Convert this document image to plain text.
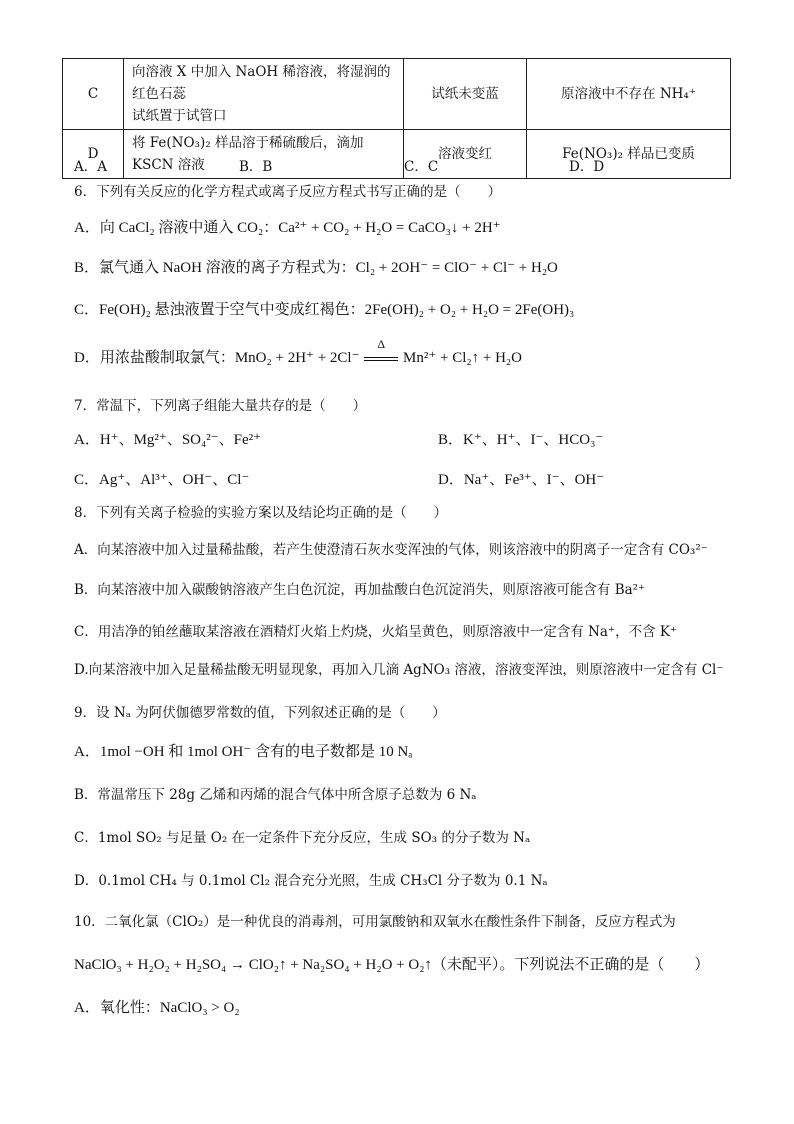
C	向溶液 X 中加入 NaOH 稀溶液，将湿润的红色石蕊
试纸置于试管口	试纸未变蓝	原溶液中不存在 NH₄⁺
D	将 Fe(NO₃)₂ 样品溶于稀硫酸后，滴加 KSCN 溶液	溶液变红	Fe(NO₃)₂ 样品已变质
A．A	B．B	C．C	D．D
6．下列有关反应的化学方程式或离子反应方程式书写正确的是（　　）
A．向 CaCl₂ 溶液中通入 CO₂：Ca²⁺ + CO₂ + H₂O = CaCO₃↓ + 2H⁺
B．氯气通入 NaOH 溶液的离子方程式为：Cl₂ + 2OH⁻ = ClO⁻ + Cl⁻ + H₂O
C．Fe(OH)₂ 悬浊液置于空气中变成红褐色：2Fe(OH)₂ + O₂ + H₂O = 2Fe(OH)₃
D．用浓盐酸制取氯气：MnO₂ + 2H⁺ + 2Cl⁻
Δ
Mn²⁺ + Cl₂↑ + H₂O
7．常温下，下列离子组能大量共存的是（　　）
A．H⁺、Mg²⁺、SO₄²⁻、Fe²⁺	B．K⁺、H⁺、I⁻、HCO₃⁻
C．Ag⁺、Al³⁺、OH⁻、Cl⁻	D．Na⁺、Fe³⁺、I⁻、OH⁻
8．下列有关离子检验的实验方案以及结论均正确的是（　　）
A．向某溶液中加入过量稀盐酸，若产生使澄清石灰水变浑浊的气体，则该溶液中的阴离子一定含有 CO₃²⁻
B．向某溶液中加入碳酸钠溶液产生白色沉淀，再加盐酸白色沉淀消失，则原溶液可能含有 Ba²⁺
C．用洁净的铂丝蘸取某溶液在酒精灯火焰上灼烧，火焰呈黄色，则原溶液中一定含有 Na⁺，不含 K⁺
D.向某溶液中加入足量稀盐酸无明显现象，再加入几滴 AgNO₃ 溶液，溶液变浑浊，则原溶液中一定含有 Cl⁻
9．设 Nₐ 为阿伏伽德罗常数的值，下列叙述正确的是（　　）
A．1mol −OH 和 1mol OH⁻ 含有的电子数都是 10 Nₐ
B．常温常压下 28g 乙烯和丙烯的混合气体中所含原子总数为 6 Nₐ
C．1mol SO₂ 与足量 O₂ 在一定条件下充分反应，生成 SO₃ 的分子数为 Nₐ
D．0.1mol CH₄ 与 0.1mol Cl₂ 混合充分光照，生成 CH₃Cl 分子数为 0.1 Nₐ
10．二氧化氯（ClO₂）是一种优良的消毒剂，可用氯酸钠和双氧水在酸性条件下制备，反应方程式为
NaClO₃ + H₂O₂ + H₂SO₄ → ClO₂↑ + Na₂SO₄ + H₂O + O₂↑（未配平）。下列说法不正确的是（　　）
A．氧化性：NaClO₃ > O₂
